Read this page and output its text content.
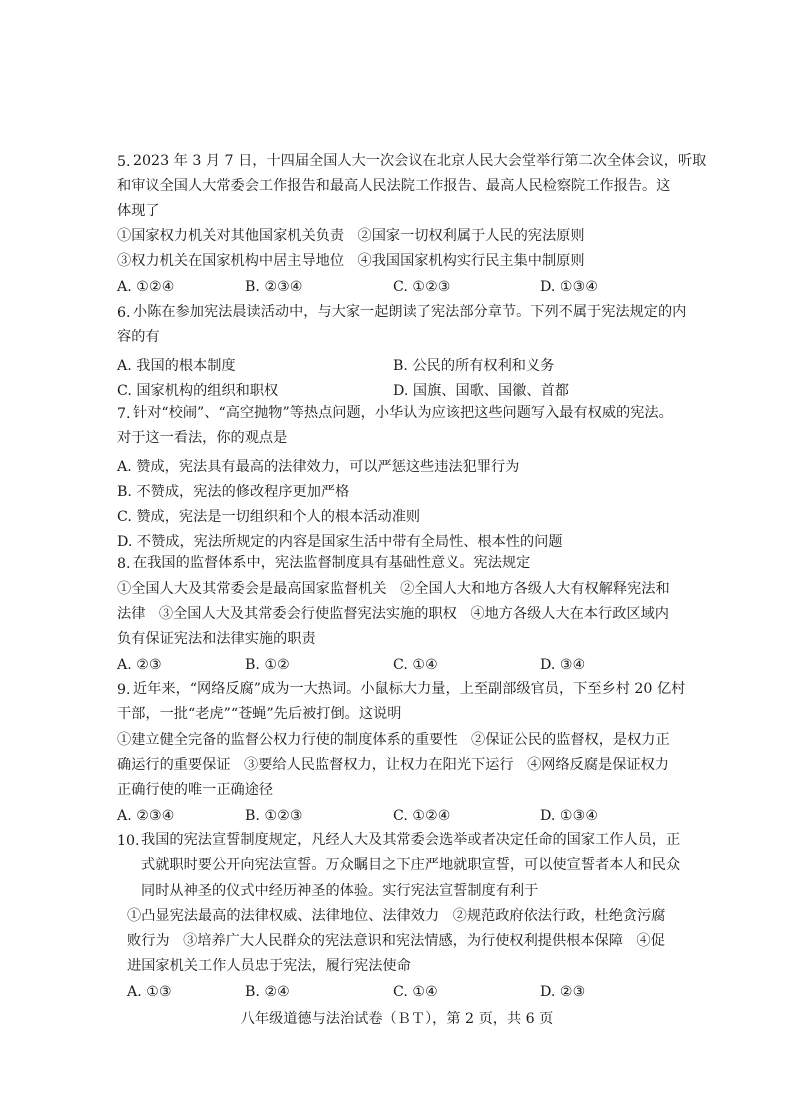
5. 2023 年 3 月 7 日，十四届全国人大一次会议在北京人民大会堂举行第二次全体会议，听取
和审议全国人大常委会工作报告和最高人民法院工作报告、最高人民检察院工作报告。这
体现了
①国家权力机关对其他国家机关负责   ②国家一切权利属于人民的宪法原则
③权力机关在国家机构中居主导地位   ④我国国家机构实行民主集中制原则
A. ①②④	B. ②③④	C. ①②③	D. ①③④
6. 小陈在参加宪法晨读活动中，与大家一起朗读了宪法部分章节。下列不属于宪法规定的内
容的有
A. 我国的根本制度	B. 公民的所有权利和义务
C. 国家机构的组织和职权	D. 国旗、国歌、国徽、首都
7. 针对“校闹”、“高空抛物”等热点问题，小华认为应该把这些问题写入最有权威的宪法。
对于这一看法，你的观点是
A. 赞成，宪法具有最高的法律效力，可以严惩这些违法犯罪行为
B. 不赞成，宪法的修改程序更加严格
C. 赞成，宪法是一切组织和个人的根本活动准则
D. 不赞成，宪法所规定的内容是国家生活中带有全局性、根本性的问题
8. 在我国的监督体系中，宪法监督制度具有基础性意义。宪法规定
①全国人大及其常委会是最高国家监督机关   ②全国人大和地方各级人大有权解释宪法和
法律   ③全国人大及其常委会行使监督宪法实施的职权   ④地方各级人大在本行政区域内
负有保证宪法和法律实施的职责
A. ②③	B. ①②	C. ①④	D. ③④
9. 近年来，“网络反腐”成为一大热词。小鼠标大力量，上至副部级官员，下至乡村 20 亿村
干部，一批“老虎”“苍蝇”先后被打倒。这说明
①建立健全完备的监督公权力行使的制度体系的重要性   ②保证公民的监督权，是权力正
确运行的重要保证   ③要给人民监督权力，让权力在阳光下运行   ④网络反腐是保证权力
正确行使的唯一正确途径
A. ②③④	B. ①②③	C. ①②④	D. ①③④
10. 我国的宪法宣誓制度规定，凡经人大及其常委会选举或者决定任命的国家工作人员，正
式就职时要公开向宪法宣誓。万众瞩目之下庄严地就职宣誓，可以使宣誓者本人和民众
同时从神圣的仪式中经历神圣的体验。实行宪法宣誓制度有利于
①凸显宪法最高的法律权威、法律地位、法律效力   ②规范政府依法行政，杜绝贪污腐
败行为   ③培养广大人民群众的宪法意识和宪法情感，为行使权利提供根本保障   ④促
进国家机关工作人员忠于宪法，履行宪法使命
A. ①③	B. ②④	C. ①④	D. ②③
八年级道德与法治试卷（ＢＴ），第 2 页，共 6 页
